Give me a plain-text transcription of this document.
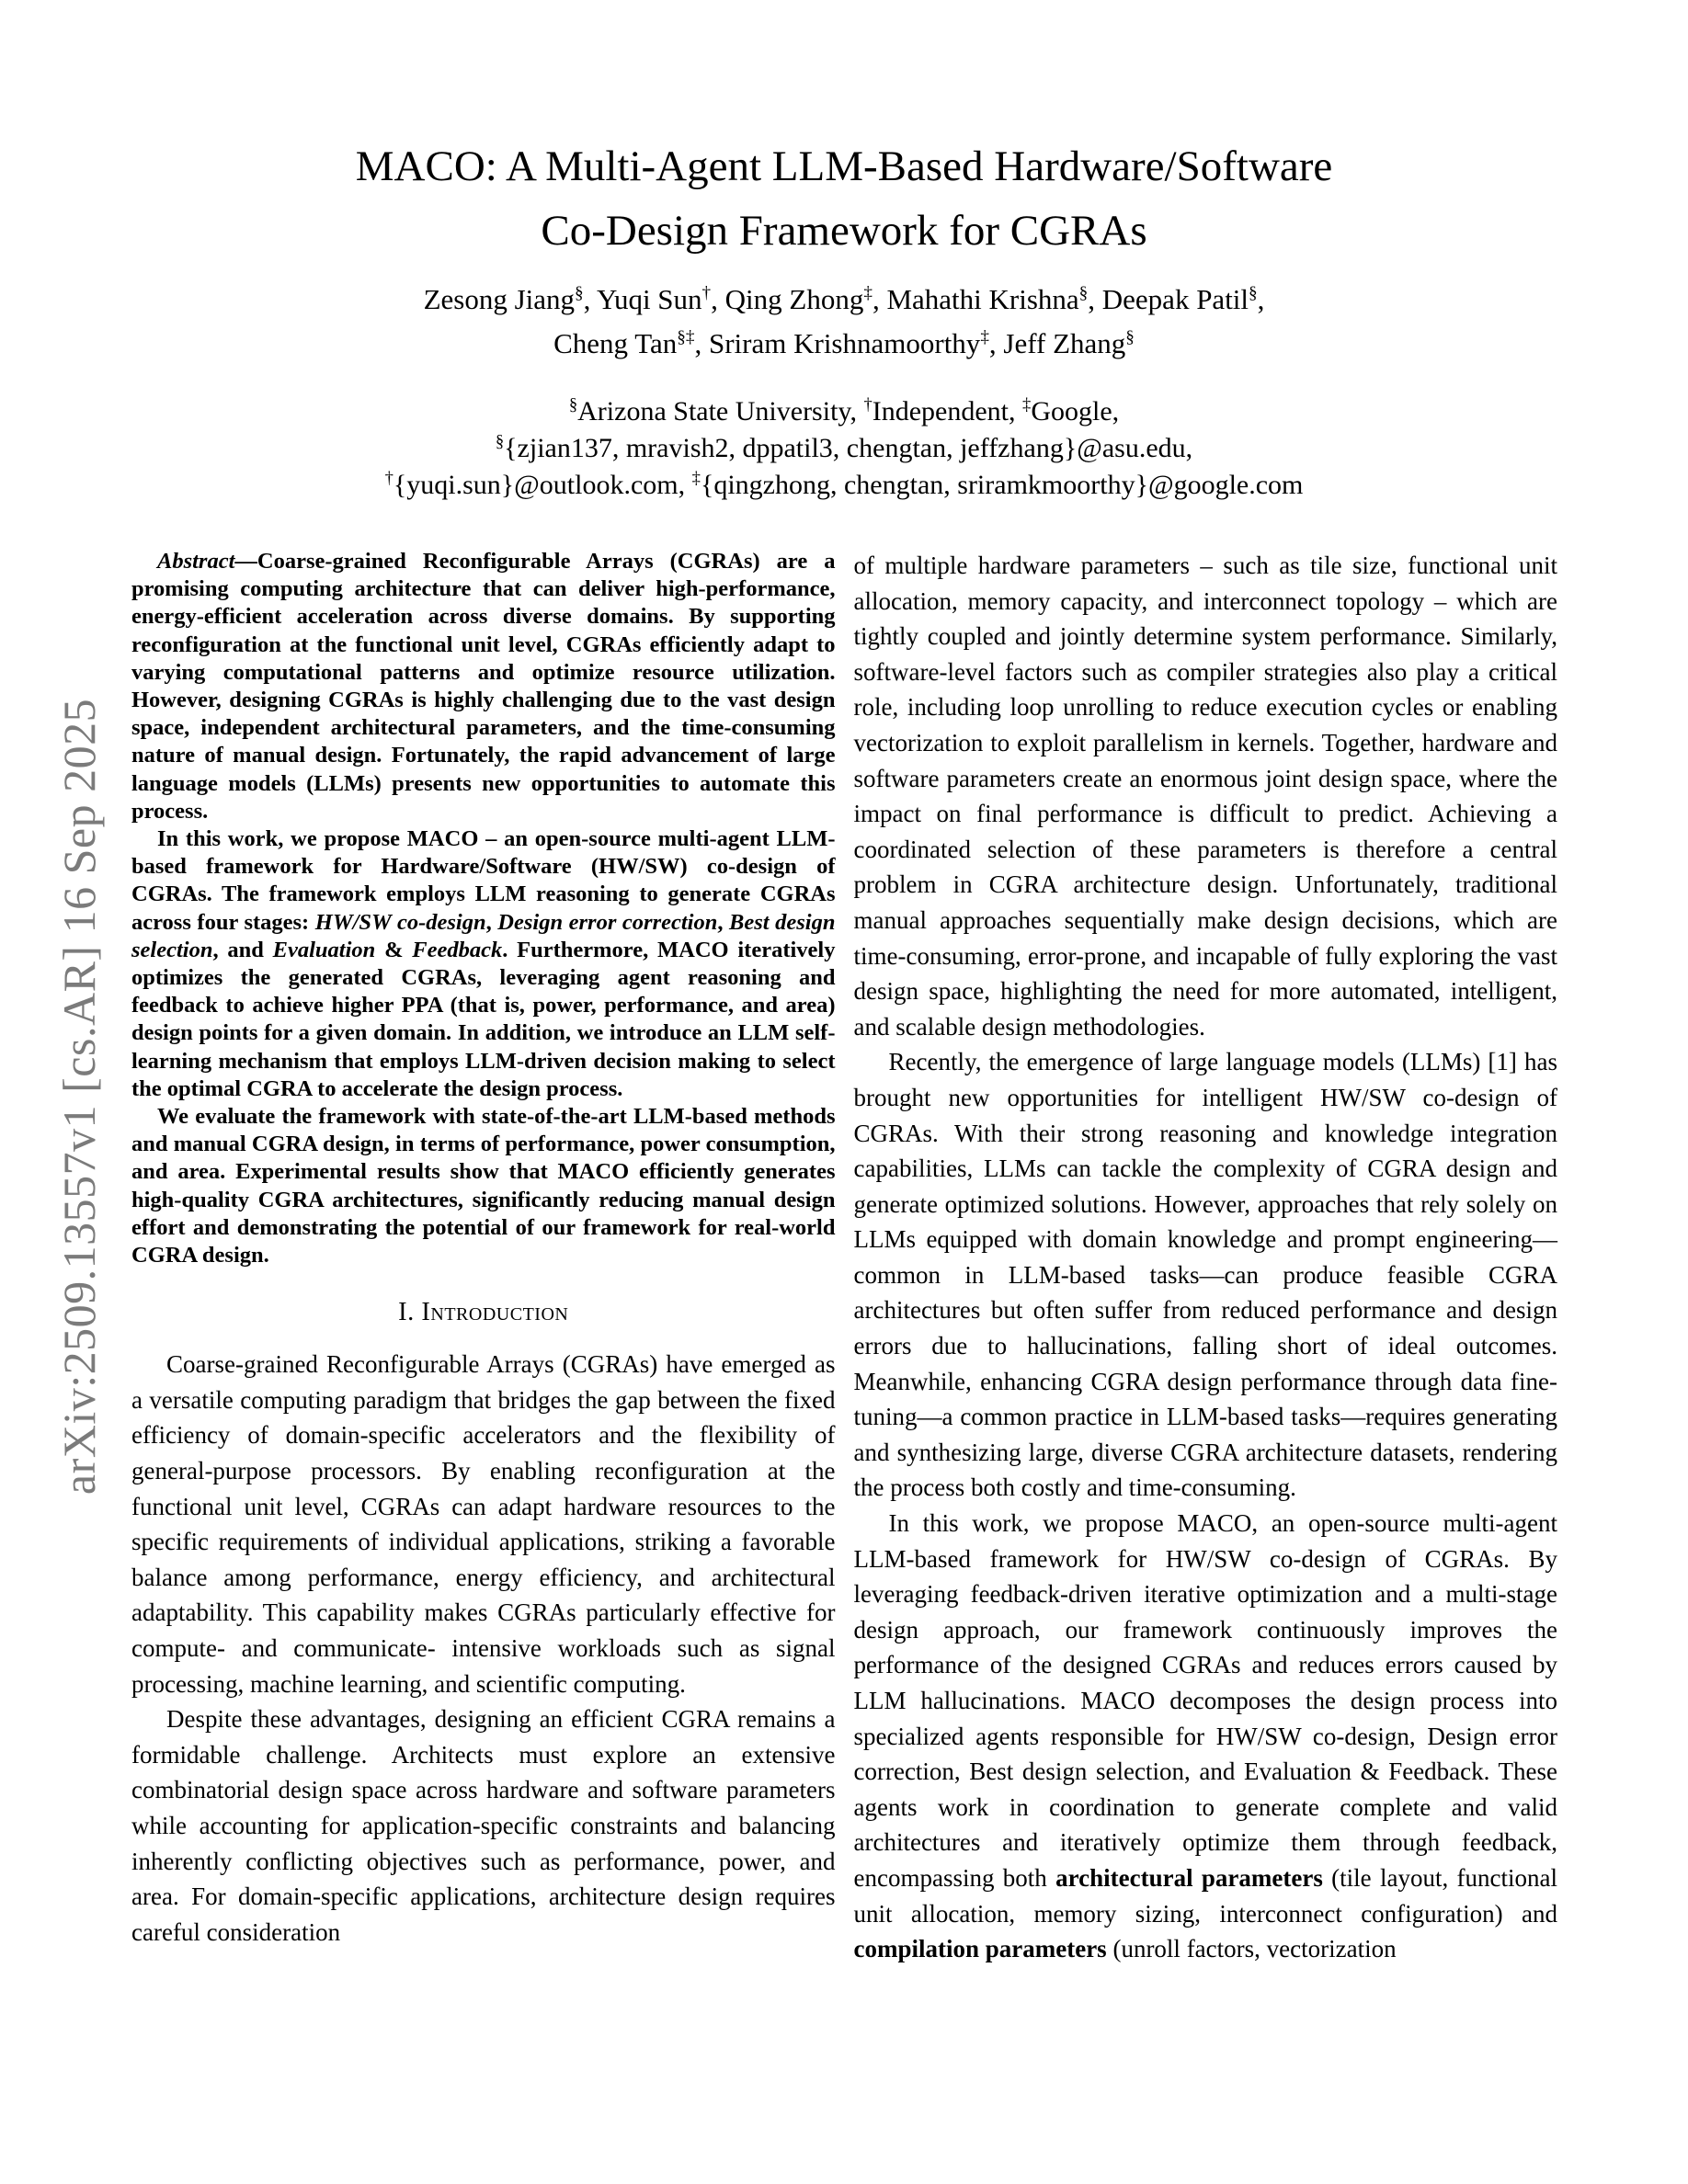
arXiv:2509.13557v1 [cs.AR] 16 Sep 2025
MACO: A Multi-Agent LLM-Based Hardware/Software
Co-Design Framework for CGRAs
Zesong Jiang§, Yuqi Sun†, Qing Zhong‡, Mahathi Krishna§, Deepak Patil§,
Cheng Tan§‡, Sriram Krishnamoorthy‡, Jeff Zhang§
§Arizona State University, †Independent, ‡Google,
§{zjian137, mravish2, dppatil3, chengtan, jeffzhang}@asu.edu,
†{yuqi.sun}@outlook.com, ‡{qingzhong, chengtan, sriramkmoorthy}@google.com

Abstract—Coarse-grained Reconfigurable Arrays (CGRAs) are a promising computing architecture that can deliver high-performance, energy-efficient acceleration across diverse domains. By supporting reconfiguration at the functional unit level, CGRAs efficiently adapt to varying computational patterns and optimize resource utilization. However, designing CGRAs is highly challenging due to the vast design space, independent architectural parameters, and the time-consuming nature of manual design. Fortunately, the rapid advancement of large language models (LLMs) presents new opportunities to automate this process.

In this work, we propose MACO – an open-source multi-agent LLM-based framework for Hardware/Software (HW/SW) co-design of CGRAs. The framework employs LLM reasoning to generate CGRAs across four stages: HW/SW co-design, Design error correction, Best design selection, and Evaluation & Feedback. Furthermore, MACO iteratively optimizes the generated CGRAs, leveraging agent reasoning and feedback to achieve higher PPA (that is, power, performance, and area) design points for a given domain. In addition, we introduce an LLM self-learning mechanism that employs LLM-driven decision making to select the optimal CGRA to accelerate the design process.

We evaluate the framework with state-of-the-art LLM-based methods and manual CGRA design, in terms of performance, power consumption, and area. Experimental results show that MACO efficiently generates high-quality CGRA architectures, significantly reducing manual design effort and demonstrating the potential of our framework for real-world CGRA design.

I. Introduction

Coarse-grained Reconfigurable Arrays (CGRAs) have emerged as a versatile computing paradigm that bridges the gap between the fixed efficiency of domain-specific accelerators and the flexibility of general-purpose processors. By enabling reconfiguration at the functional unit level, CGRAs can adapt hardware resources to the specific requirements of individual applications, striking a favorable balance among performance, energy efficiency, and architectural adaptability. This capability makes CGRAs particularly effective for compute- and communicate- intensive workloads such as signal processing, machine learning, and scientific computing.

Despite these advantages, designing an efficient CGRA remains a formidable challenge. Architects must explore an extensive combinatorial design space across hardware and software parameters while accounting for application-specific constraints and balancing inherently conflicting objectives such as performance, power, and area. For domain-specific applications, architecture design requires careful consideration

of multiple hardware parameters – such as tile size, functional unit allocation, memory capacity, and interconnect topology – which are tightly coupled and jointly determine system performance. Similarly, software-level factors such as compiler strategies also play a critical role, including loop unrolling to reduce execution cycles or enabling vectorization to exploit parallelism in kernels. Together, hardware and software parameters create an enormous joint design space, where the impact on final performance is difficult to predict. Achieving a coordinated selection of these parameters is therefore a central problem in CGRA architecture design. Unfortunately, traditional manual approaches sequentially make design decisions, which are time-consuming, error-prone, and incapable of fully exploring the vast design space, highlighting the need for more automated, intelligent, and scalable design methodologies.

Recently, the emergence of large language models (LLMs) [1] has brought new opportunities for intelligent HW/SW co-design of CGRAs. With their strong reasoning and knowledge integration capabilities, LLMs can tackle the complexity of CGRA design and generate optimized solutions. However, approaches that rely solely on LLMs equipped with domain knowledge and prompt engineering—common in LLM-based tasks—can produce feasible CGRA architectures but often suffer from reduced performance and design errors due to hallucinations, falling short of ideal outcomes. Meanwhile, enhancing CGRA design performance through data fine-tuning—a common practice in LLM-based tasks—requires generating and synthesizing large, diverse CGRA architecture datasets, rendering the process both costly and time-consuming.

In this work, we propose MACO, an open-source multi-agent LLM-based framework for HW/SW co-design of CGRAs. By leveraging feedback-driven iterative optimization and a multi-stage design approach, our framework continuously improves the performance of the designed CGRAs and reduces errors caused by LLM hallucinations. MACO decomposes the design process into specialized agents responsible for HW/SW co-design, Design error correction, Best design selection, and Evaluation & Feedback. These agents work in coordination to generate complete and valid architectures and iteratively optimize them through feedback, encompassing both architectural parameters (tile layout, functional unit allocation, memory sizing, interconnect configuration) and compilation parameters (unroll factors, vectorization
